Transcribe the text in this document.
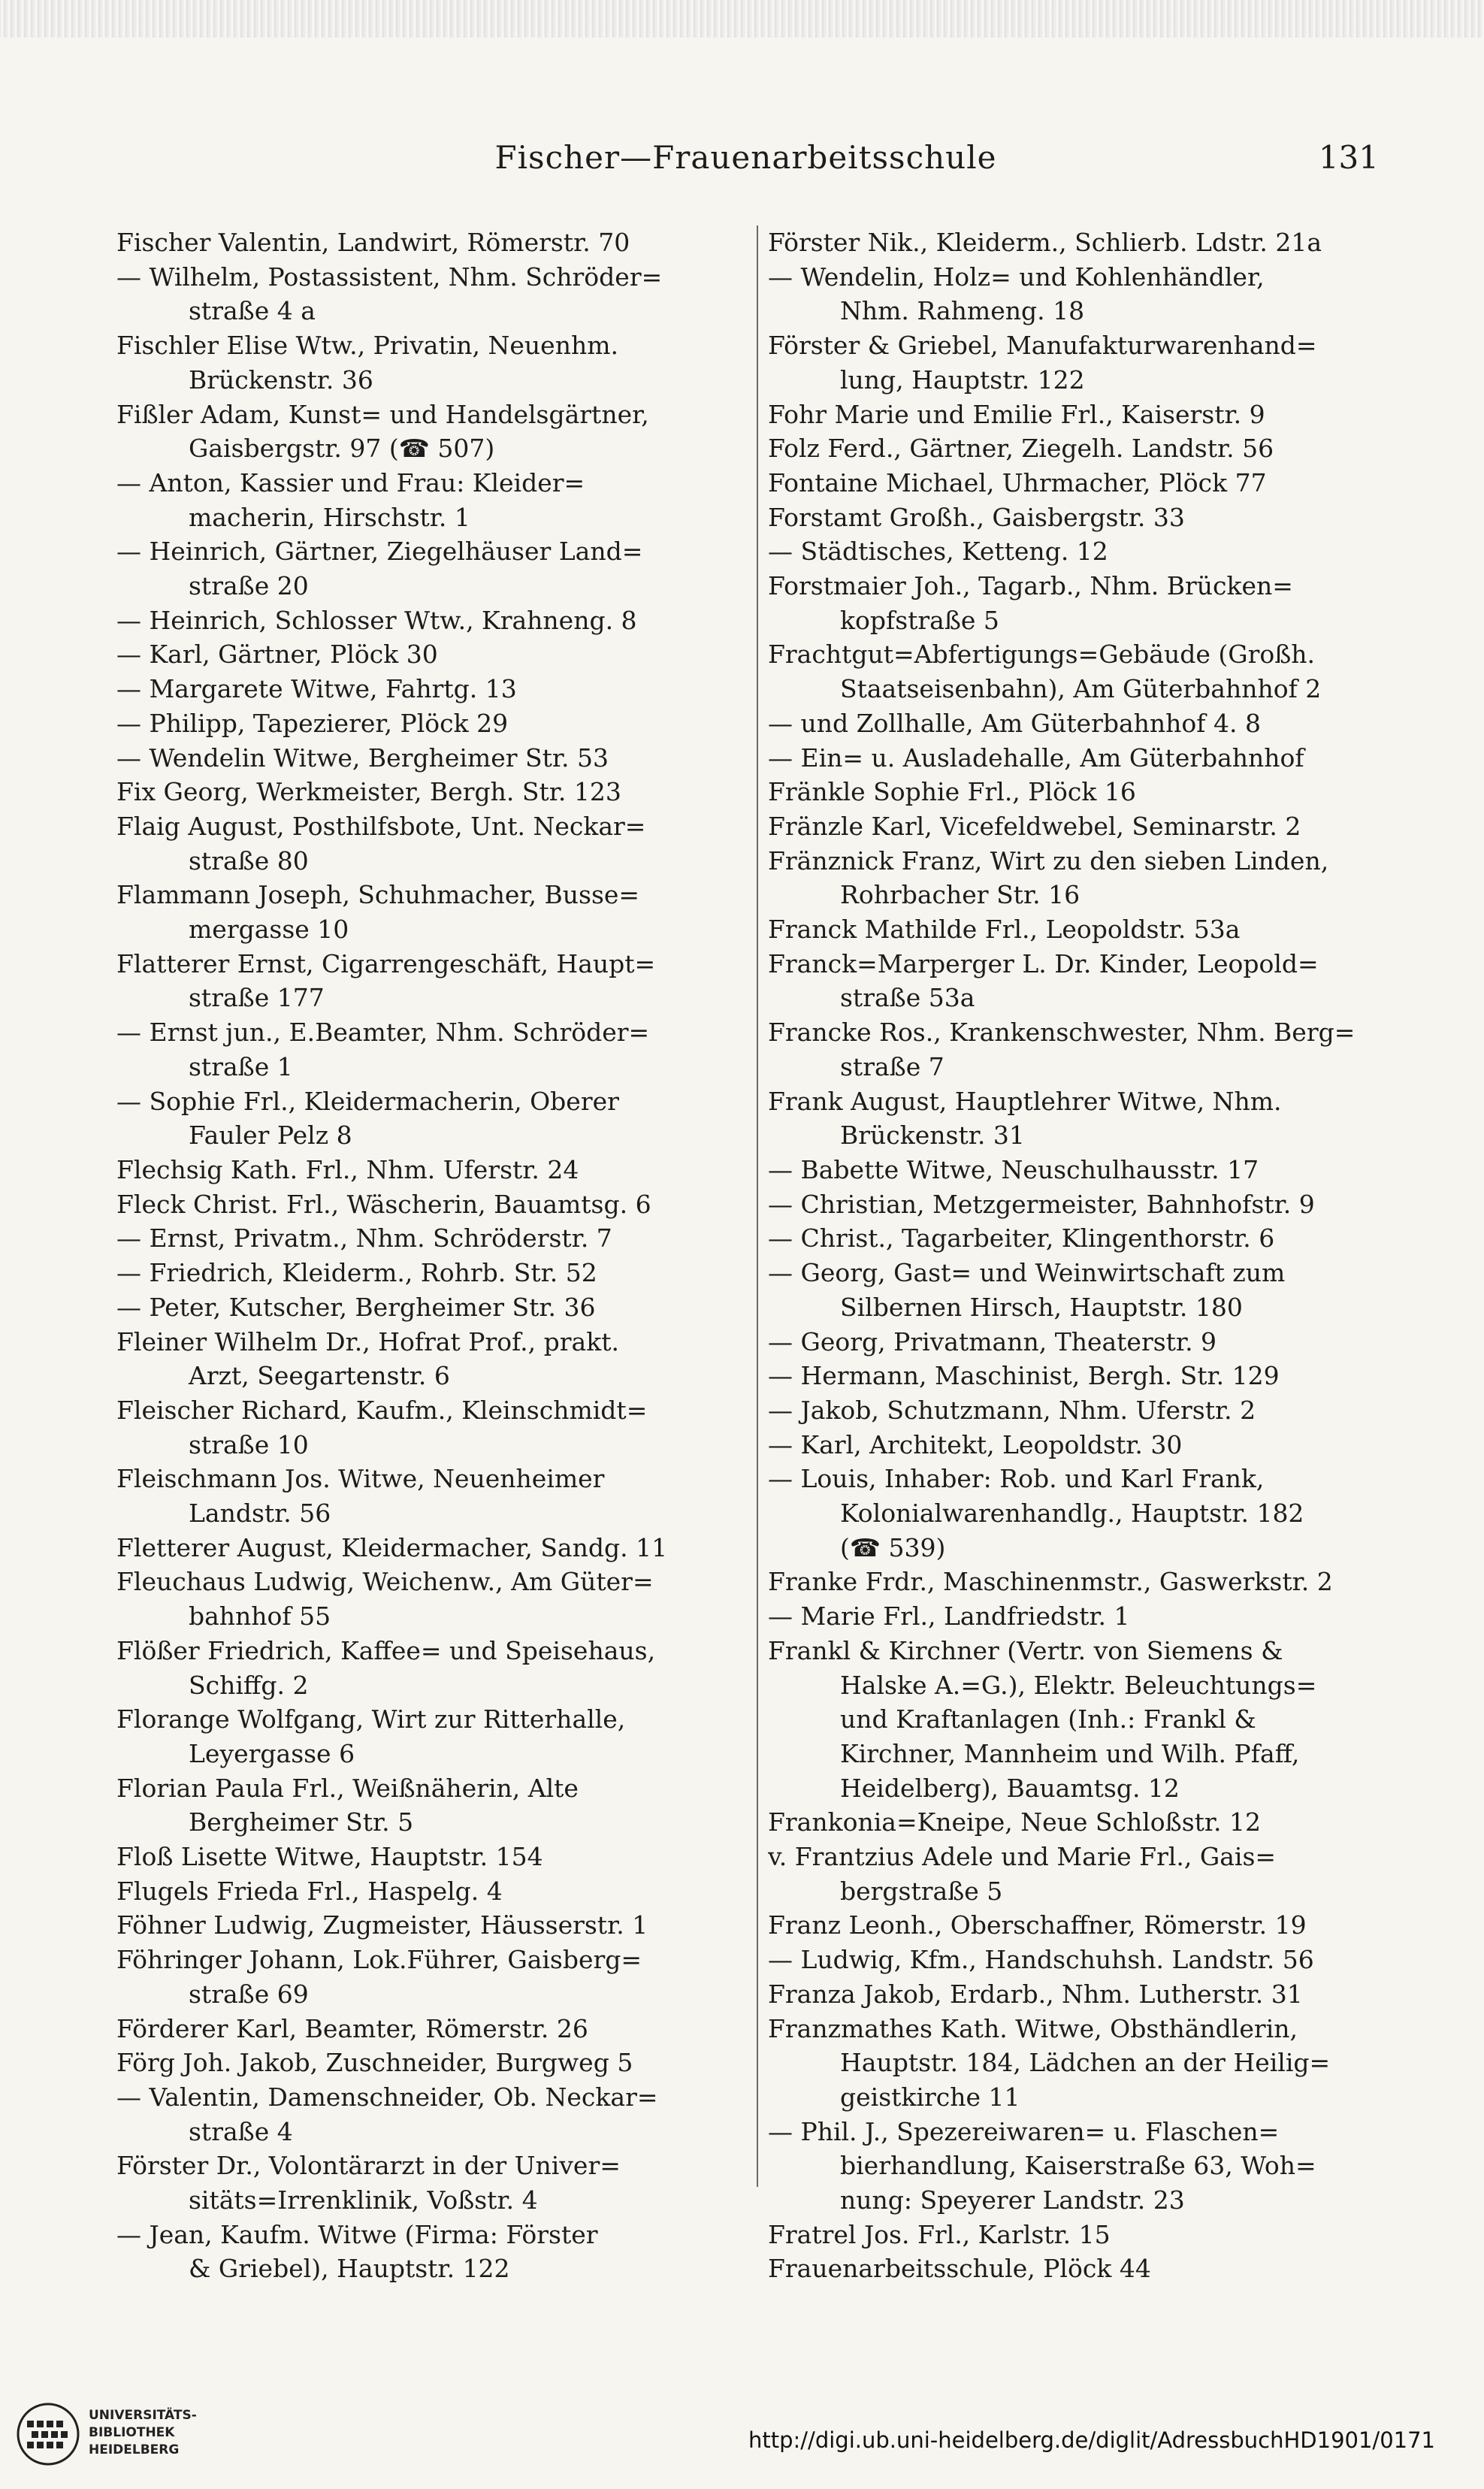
Fischer—Frauenarbeitsschule	131
Fischer Valentin, Landwirt, Römerstr. 70
— Wilhelm, Postassistent, Nhm. Schröder=
straße 4 a
Fischler Elise Wtw., Privatin, Neuenhm.
Brückenstr. 36
Fißler Adam, Kunst= und Handelsgärtner,
Gaisbergstr. 97 (☎ 507)
— Anton, Kassier und Frau: Kleider=
macherin, Hirschstr. 1
— Heinrich, Gärtner, Ziegelhäuser Land=
straße 20
— Heinrich, Schlosser Wtw., Krahneng. 8
— Karl, Gärtner, Plöck 30
— Margarete Witwe, Fahrtg. 13
— Philipp, Tapezierer, Plöck 29
— Wendelin Witwe, Bergheimer Str. 53
Fix Georg, Werkmeister, Bergh. Str. 123
Flaig August, Posthilfsbote, Unt. Neckar=
straße 80
Flammann Joseph, Schuhmacher, Busse=
mergasse 10
Flatterer Ernst, Cigarrengeschäft, Haupt=
straße 177
— Ernst jun., E.Beamter, Nhm. Schröder=
straße 1
— Sophie Frl., Kleidermacherin, Oberer
Fauler Pelz 8
Flechsig Kath. Frl., Nhm. Uferstr. 24
Fleck Christ. Frl., Wäscherin, Bauamtsg. 6
— Ernst, Privatm., Nhm. Schröderstr. 7
— Friedrich, Kleiderm., Rohrb. Str. 52
— Peter, Kutscher, Bergheimer Str. 36
Fleiner Wilhelm Dr., Hofrat Prof., prakt.
Arzt, Seegartenstr. 6
Fleischer Richard, Kaufm., Kleinschmidt=
straße 10
Fleischmann Jos. Witwe, Neuenheimer
Landstr. 56
Fletterer August, Kleidermacher, Sandg. 11
Fleuchaus Ludwig, Weichenw., Am Güter=
bahnhof 55
Flößer Friedrich, Kaffee= und Speisehaus,
Schiffg. 2
Florange Wolfgang, Wirt zur Ritterhalle,
Leyergasse 6
Florian Paula Frl., Weißnäherin, Alte
Bergheimer Str. 5
Floß Lisette Witwe, Hauptstr. 154
Flugels Frieda Frl., Haspelg. 4
Föhner Ludwig, Zugmeister, Häusserstr. 1
Föhringer Johann, Lok.Führer, Gaisberg=
straße 69
Förderer Karl, Beamter, Römerstr. 26
Förg Joh. Jakob, Zuschneider, Burgweg 5
— Valentin, Damenschneider, Ob. Neckar=
straße 4
Förster Dr., Volontärarzt in der Univer=
sitäts=Irrenklinik, Voßstr. 4
— Jean, Kaufm. Witwe (Firma: Förster
& Griebel), Hauptstr. 122
Förster Nik., Kleiderm., Schlierb. Ldstr. 21a
— Wendelin, Holz= und Kohlenhändler,
Nhm. Rahmeng. 18
Förster & Griebel, Manufakturwarenhand=
lung, Hauptstr. 122
Fohr Marie und Emilie Frl., Kaiserstr. 9
Folz Ferd., Gärtner, Ziegelh. Landstr. 56
Fontaine Michael, Uhrmacher, Plöck 77
Forstamt Großh., Gaisbergstr. 33
— Städtisches, Ketteng. 12
Forstmaier Joh., Tagarb., Nhm. Brücken=
kopfstraße 5
Frachtgut=Abfertigungs=Gebäude (Großh.
Staatseisenbahn), Am Güterbahnhof 2
— und Zollhalle, Am Güterbahnhof 4. 8
— Ein= u. Ausladehalle, Am Güterbahnhof
Fränkle Sophie Frl., Plöck 16
Fränzle Karl, Vicefeldwebel, Seminarstr. 2
Fränznick Franz, Wirt zu den sieben Linden,
Rohrbacher Str. 16
Franck Mathilde Frl., Leopoldstr. 53a
Franck=Marperger L. Dr. Kinder, Leopold=
straße 53a
Francke Ros., Krankenschwester, Nhm. Berg=
straße 7
Frank August, Hauptlehrer Witwe, Nhm.
Brückenstr. 31
— Babette Witwe, Neuschulhausstr. 17
— Christian, Metzgermeister, Bahnhofstr. 9
— Christ., Tagarbeiter, Klingenthorstr. 6
— Georg, Gast= und Weinwirtschaft zum
Silbernen Hirsch, Hauptstr. 180
— Georg, Privatmann, Theaterstr. 9
— Hermann, Maschinist, Bergh. Str. 129
— Jakob, Schutzmann, Nhm. Uferstr. 2
— Karl, Architekt, Leopoldstr. 30
— Louis, Inhaber: Rob. und Karl Frank,
Kolonialwarenhandlg., Hauptstr. 182
(☎ 539)
Franke Frdr., Maschinenmstr., Gaswerkstr. 2
— Marie Frl., Landfriedstr. 1
Frankl & Kirchner (Vertr. von Siemens &
Halske A.=G.), Elektr. Beleuchtungs=
und Kraftanlagen (Inh.: Frankl &
Kirchner, Mannheim und Wilh. Pfaff,
Heidelberg), Bauamtsg. 12
Frankonia=Kneipe, Neue Schloßstr. 12
v. Frantzius Adele und Marie Frl., Gais=
bergstraße 5
Franz Leonh., Oberschaffner, Römerstr. 19
— Ludwig, Kfm., Handschuhsh. Landstr. 56
Franza Jakob, Erdarb., Nhm. Lutherstr. 31
Franzmathes Kath. Witwe, Obsthändlerin,
Hauptstr. 184, Lädchen an der Heilig=
geistkirche 11
— Phil. J., Spezereiwaren= u. Flaschen=
bierhandlung, Kaiserstraße 63, Woh=
nung: Speyerer Landstr. 23
Fratrel Jos. Frl., Karlstr. 15
Frauenarbeitsschule, Plöck 44
UNIVERSITÄTS-
BIBLIOTHEK
HEIDELBERG	http://digi.ub.uni-heidelberg.de/diglit/AdressbuchHD1901/0171
